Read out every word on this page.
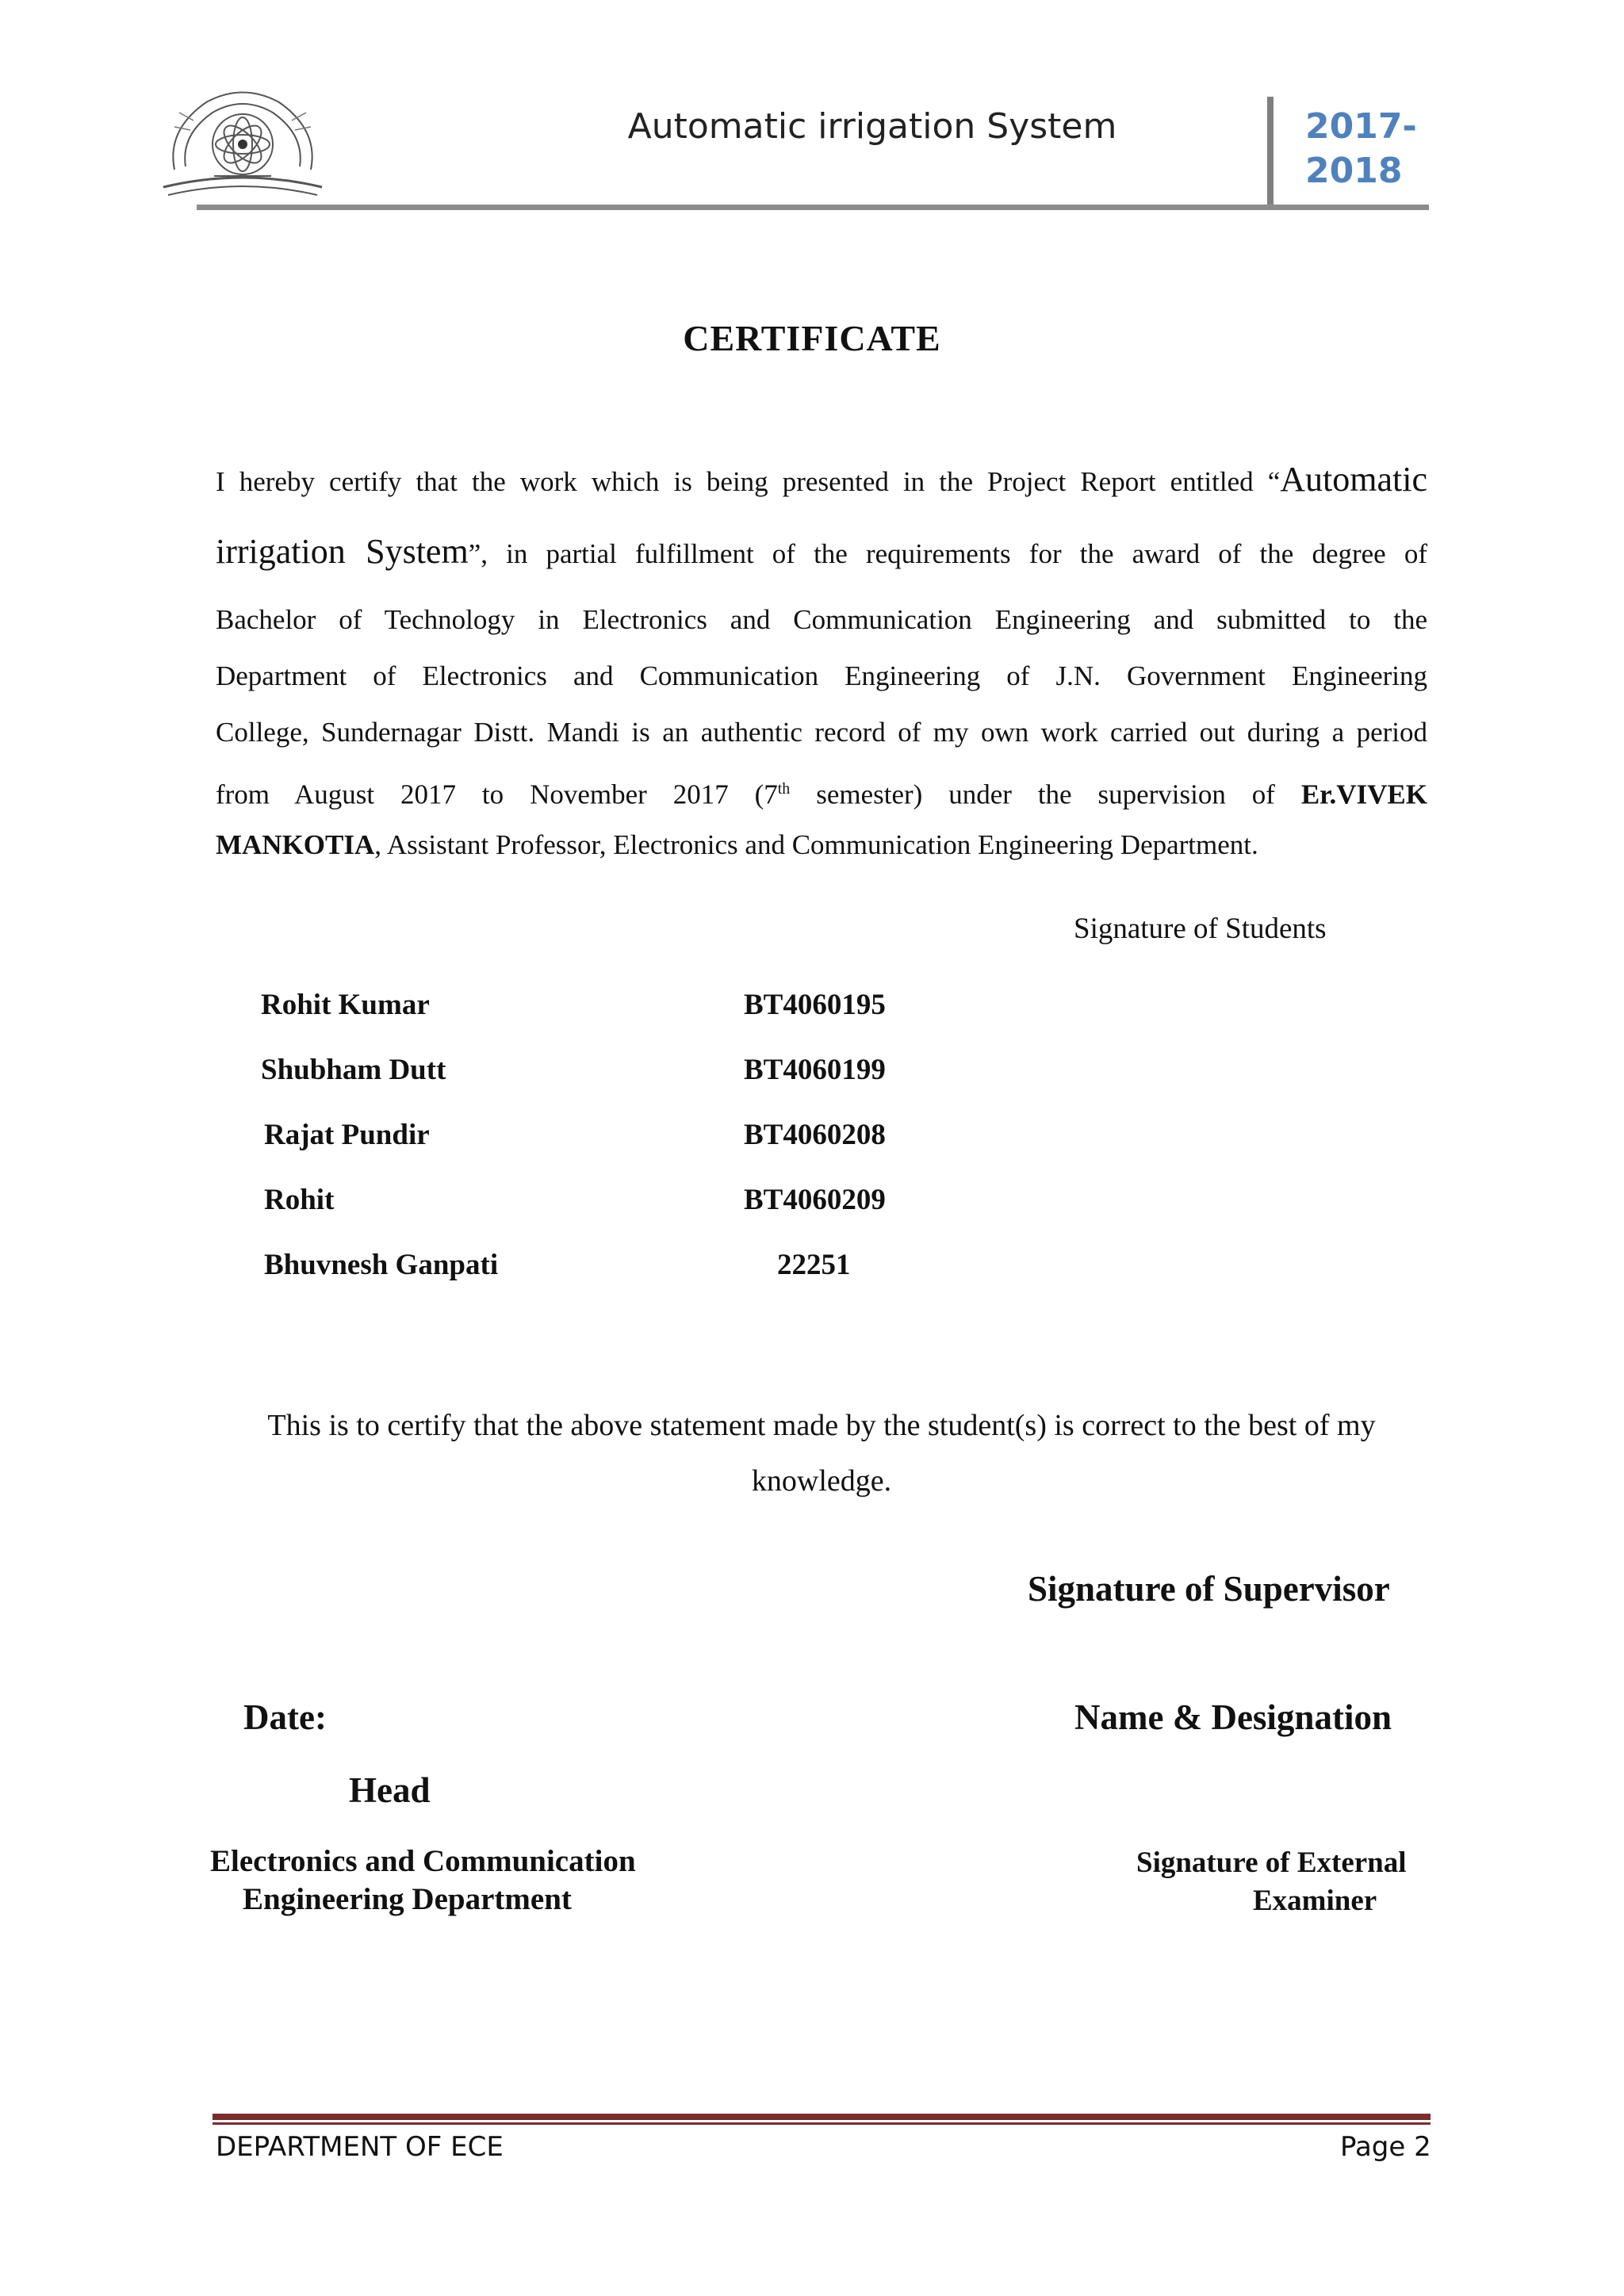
Automatic irrigation System	2017-
2018
CERTIFICATE
I hereby certify that the work which is being presented in the Project Report entitled “Automatic
irrigation System”, in partial fulfillment of the requirements for the award of the degree of
Bachelor of Technology in Electronics and Communication Engineering and submitted to the
Department of Electronics and Communication Engineering of J.N. Government Engineering
College, Sundernagar Distt. Mandi is an authentic record of my own work carried out during a period
from August 2017 to November 2017 (7th semester) under the supervision of Er.VIVEK
MANKOTIA, Assistant Professor, Electronics and Communication Engineering Department.
Signature of Students
Rohit Kumar	BT4060195
Shubham Dutt	BT4060199
Rajat Pundir	BT4060208
Rohit	BT4060209
Bhuvnesh Ganpati	22251
This is to certify that the above statement made by the student(s) is correct to the best of my
knowledge.
Signature of Supervisor
Date:	Name & Designation
Head
Electronics and Communication
Engineering Department
Signature of External
Examiner
DEPARTMENT OF ECE	Page 2
